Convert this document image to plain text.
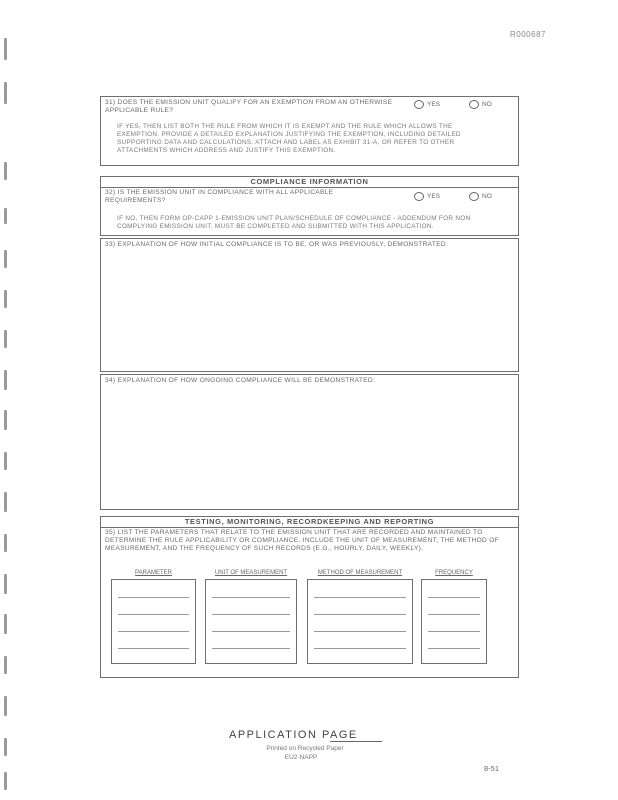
R000687
31) DOES THE EMISSION UNIT QUALIFY FOR AN EXEMPTION FROM AN OTHERWISE APPLICABLE RULE?
YES	NO
IF YES, THEN LIST BOTH THE RULE FROM WHICH IT IS EXEMPT AND THE RULE WHICH ALLOWS THE EXEMPTION. PROVIDE A DETAILED EXPLANATION JUSTIFYING THE EXEMPTION, INCLUDING DETAILED SUPPORTING DATA AND CALCULATIONS. ATTACH AND LABEL AS EXHIBIT 31-A, OR REFER TO OTHER ATTACHMENTS WHICH ADDRESS AND JUSTIFY THIS EXEMPTION.
COMPLIANCE INFORMATION
32) IS THE EMISSION UNIT IN COMPLIANCE WITH ALL APPLICABLE REQUIREMENTS?
YES	NO
IF NO, THEN FORM OP-CAPP 1-EMISSION UNIT PLAN/SCHEDULE OF COMPLIANCE - ADDENDUM FOR NON COMPLYING EMISSION UNIT, MUST BE COMPLETED AND SUBMITTED WITH THIS APPLICATION.
33) EXPLANATION OF HOW INITIAL COMPLIANCE IS TO BE, OR WAS PREVIOUSLY, DEMONSTRATED:
34) EXPLANATION OF HOW ONGOING COMPLIANCE WILL BE DEMONSTRATED:
TESTING, MONITORING, RECORDKEEPING AND REPORTING
35) LIST THE PARAMETERS THAT RELATE TO THE EMISSION UNIT THAT ARE RECORDED AND MAINTAINED TO DETERMINE THE RULE APPLICABILITY OR COMPLIANCE. INCLUDE THE UNIT OF MEASUREMENT, THE METHOD OF MEASUREMENT, AND THE FREQUENCY OF SUCH RECORDS (E.G., HOURLY, DAILY, WEEKLY).
PARAMETER	UNIT OF MEASUREMENT	METHOD OF MEASUREMENT	FREQUENCY
APPLICATION PAGE
Printed on Recycled Paper
EU2-NAPP
8-51
